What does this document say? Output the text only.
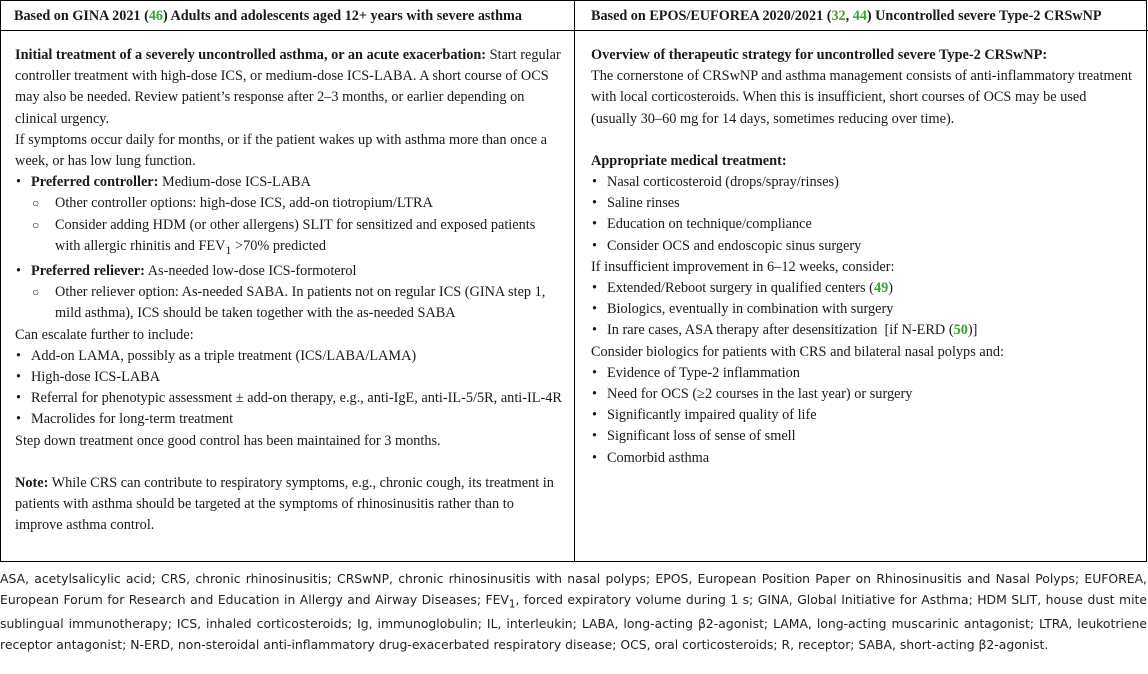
Based on GINA 2021 (46) Adults and adolescents aged 12+ years with severe asthma	Based on EPOS/EUFOREA 2020/2021 (32, 44) Uncontrolled severe Type-2 CRSwNP

Initial treatment of a severely uncontrolled asthma, or an acute exacerbation: Start regular controller treatment with high-dose ICS, or medium-dose ICS-LABA. A short course of OCS may also be needed. Review patient’s response after 2–3 months, or earlier depending on clinical urgency.

If symptoms occur daily for months, or if the patient wakes up with asthma more than once a week, or has low lung function.

• Preferred controller: Medium-dose ICS-LABA
○ Other controller options: high-dose ICS, add-on tiotropium/LTRA
○ Consider adding HDM (or other allergens) SLIT for sensitized and exposed patients with allergic rhinitis and $FEV_1 >70\%$ predicted
• Preferred reliever: As-needed low-dose ICS-formoterol
○ Other reliever option: As-needed SABA. In patients not on regular ICS (GINA step 1, mild asthma), ICS should be taken together with the as-needed SABA

Can escalate further to include:

• Add-on LAMA, possibly as a triple treatment (ICS/LABA/LAMA)
• High-dose ICS-LABA
• Referral for phenotypic assessment ± add-on therapy, e.g., anti-IgE, anti-IL-5/5R, anti-IL-4R
• Macrolides for long-term treatment

Step down treatment once good control has been maintained for 3 months.

Note: While CRS can contribute to respiratory symptoms, e.g., chronic cough, its treatment in patients with asthma should be targeted at the symptoms of rhinosinusitis rather than to improve asthma control.

Overview of therapeutic strategy for uncontrolled severe Type-2 CRSwNP:

The cornerstone of CRSwNP and asthma management consists of anti-inflammatory treatment with local corticosteroids. When this is insufficient, short courses of OCS may be used (usually 30–60 mg for 14 days, sometimes reducing over time).

Appropriate medical treatment:

• Nasal corticosteroid (drops/spray/rinses)
• Saline rinses
• Education on technique/compliance
• Consider OCS and endoscopic sinus surgery

If insufficient improvement in 6–12 weeks, consider:

• Extended/Reboot surgery in qualified centers (49)
• Biologics, eventually in combination with surgery
• In rare cases, ASA therapy after desensitization  [if N-ERD (50)]

Consider biologics for patients with CRS and bilateral nasal polyps and:

• Evidence of Type-2 inflammation
• Need for OCS (≥2 courses in the last year) or surgery
• Significantly impaired quality of life
• Significant loss of sense of smell
• Comorbid asthma
ASA, acetylsalicylic acid; CRS, chronic rhinosinusitis; CRSwNP, chronic rhinosinusitis with nasal polyps; EPOS, European Position Paper on Rhinosinusitis and Nasal Polyps; EUFOREA, European Forum for Research and Education in Allergy and Airway Diseases; $FEV_1$, forced expiratory volume during 1 s; GINA, Global Initiative for Asthma; HDM SLIT, house dust mite sublingual immunotherapy; ICS, inhaled corticosteroids; Ig, immunoglobulin; IL, interleukin; LABA, long-acting β2-agonist; LAMA, long-acting muscarinic antagonist; LTRA, leukotriene receptor antagonist; N-ERD, non-steroidal anti-inflammatory drug-exacerbated respiratory disease; OCS, oral corticosteroids; R, receptor; SABA, short-acting β2-agonist.
